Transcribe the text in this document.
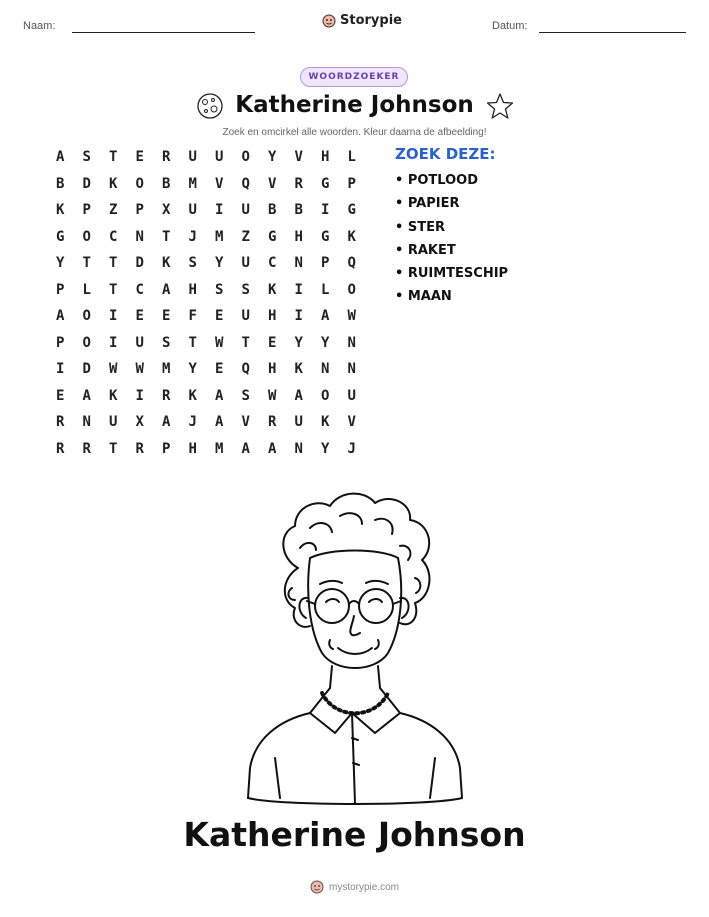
Naam:	Storypie	Datum:
WOORDZOEKER
Katherine Johnson
Zoek en omcirkel alle woorden. Kleur daarna de afbeelding!
A	S	T	E	R	U	U	O	Y	V	H	L
B	D	K	O	B	M	V	Q	V	R	G	P
K	P	Z	P	X	U	I	U	B	B	I	G
G	O	C	N	T	J	M	Z	G	H	G	K
Y	T	T	D	K	S	Y	U	C	N	P	Q
P	L	T	C	A	H	S	S	K	I	L	O
A	O	I	E	E	F	E	U	H	I	A	W
P	O	I	U	S	T	W	T	E	Y	Y	N
I	D	W	W	M	Y	E	Q	H	K	N	N
E	A	K	I	R	K	A	S	W	A	O	U
R	N	U	X	A	J	A	V	R	U	K	V
R	R	T	R	P	H	M	A	A	N	Y	J
ZOEK DEZE:
• POTLOOD
• PAPIER
• STER
• RAKET
• RUIMTESCHIP
• MAAN
Katherine Johnson
mystorypie.com
